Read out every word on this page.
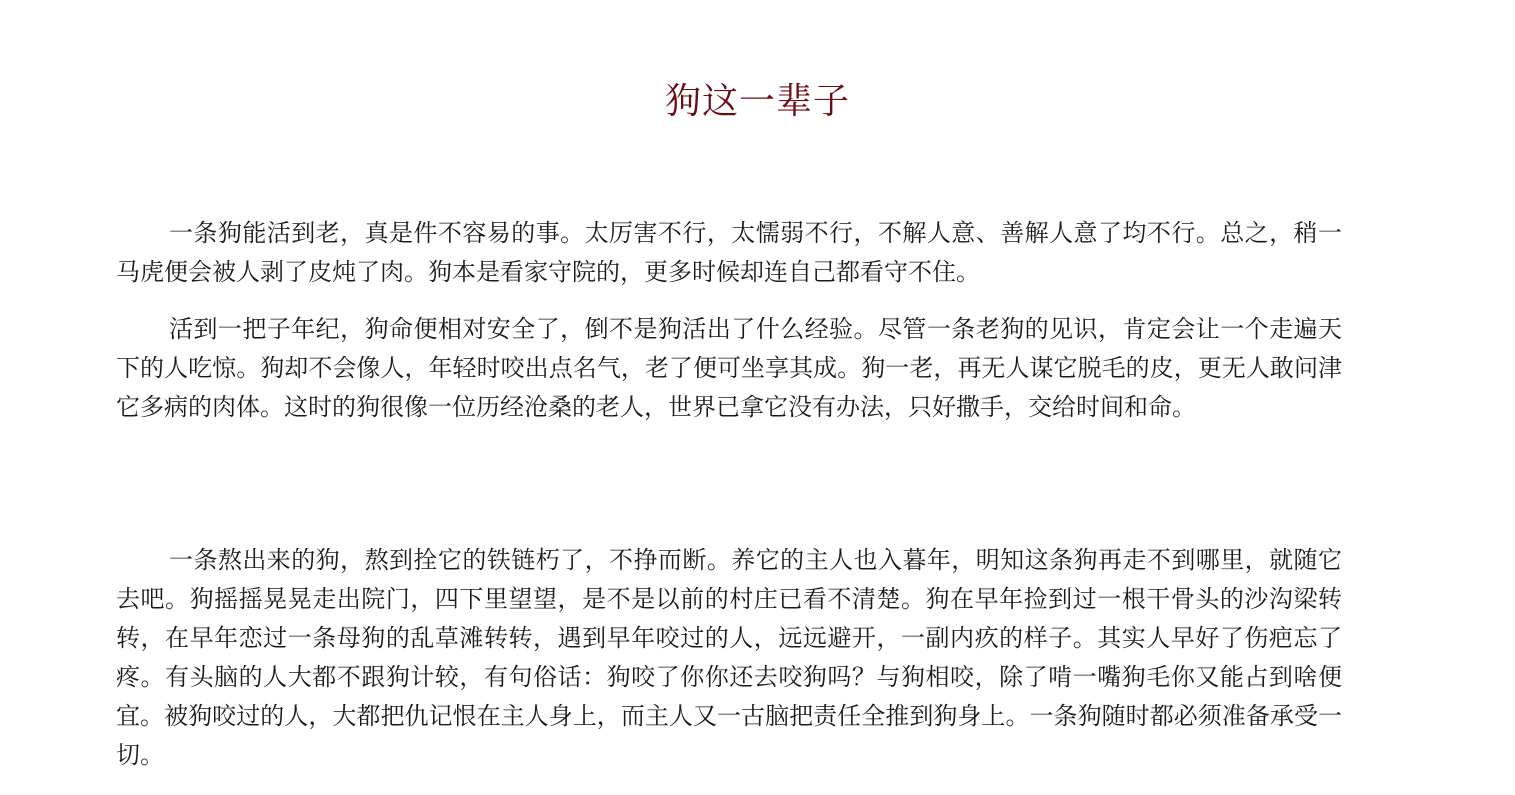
狗这一辈子

一条狗能活到老，真是件不容易的事。太厉害不行，太懦弱不行，不解人意、善解人意了均不行。总之，稍一马虎便会被人剥了皮炖了肉。狗本是看家守院的，更多时候却连自己都看守不住。

活到一把子年纪，狗命便相对安全了，倒不是狗活出了什么经验。尽管一条老狗的见识，肯定会让一个走遍天下的人吃惊。狗却不会像人，年轻时咬出点名气，老了便可坐享其成。狗一老，再无人谋它脱毛的皮，更无人敢问津它多病的肉体。这时的狗很像一位历经沧桑的老人，世界已拿它没有办法，只好撒手，交给时间和命。

一条熬出来的狗，熬到拴它的铁链朽了，不挣而断。养它的主人也入暮年，明知这条狗再走不到哪里，就随它去吧。狗摇摇晃晃走出院门，四下里望望，是不是以前的村庄已看不清楚。狗在早年捡到过一根干骨头的沙沟梁转转，在早年恋过一条母狗的乱草滩转转，遇到早年咬过的人，远远避开，一副内疚的样子。其实人早好了伤疤忘了疼。有头脑的人大都不跟狗计较，有句俗话：狗咬了你你还去咬狗吗？与狗相咬，除了啃一嘴狗毛你又能占到啥便宜。被狗咬过的人，大都把仇记恨在主人身上，而主人又一古脑把责任全推到狗身上。一条狗随时都必须准备承受一切。
